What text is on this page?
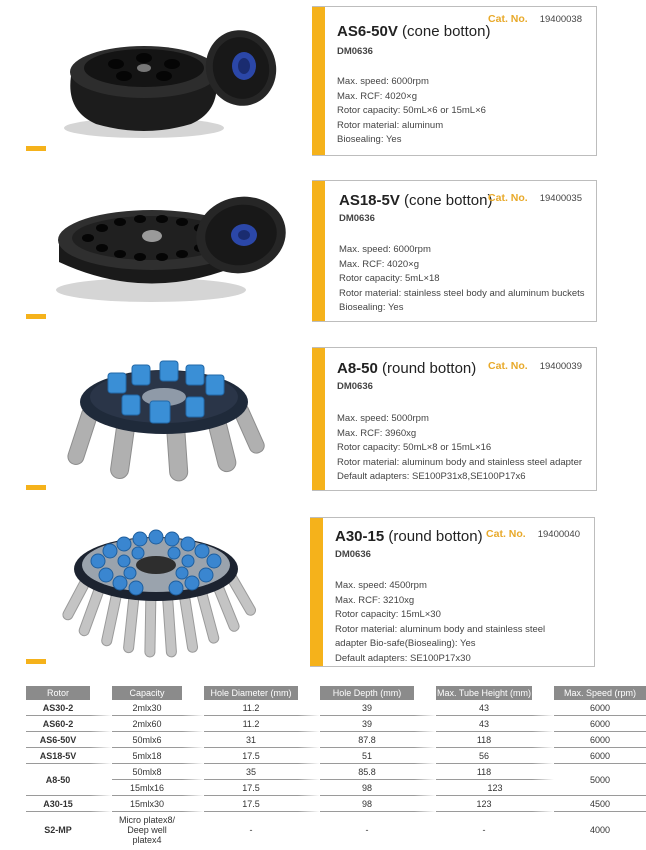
AS6-50V (cone botton)
Cat. No. 19400038
DM0636
Max. speed: 6000rpm
Max. RCF: 4020×g
Rotor capacity: 50mL×6 or 15mL×6
Rotor material: aluminum
Biosealing: Yes
AS18-5V (cone botton)
Cat. No. 19400035
DM0636
Max. speed: 6000rpm
Max. RCF: 4020×g
Rotor capacity: 5mL×18
Rotor material: stainless steel body and aluminum buckets
Biosealing: Yes
A8-50 (round botton) Cat. No. 19400039
DM0636
Max. speed: 5000rpm
Max. RCF: 3960xg
Rotor capacity: 50mL×8 or 15mL×16
Rotor material: aluminum body and stainless steel adapter
Default adapters: SE100P31x8,SE100P17x6
A30-15 (round botton) Cat. No. 19400040
DM0636
Max. speed: 4500rpm
Max. RCF: 3210xg
Rotor capacity: 15mL×30
Rotor material: aluminum body and stainless steel
adapter Bio-safe(Biosealing): Yes
Default adapters: SE100P17x30
Rotor	Capacity	Hole Diameter (mm)	Hole Depth (mm)	Max. Tube Height (mm)	Max. Speed (rpm)
AS30-2	2mlx30	11.2	39	43	6000
AS60-2	2mlx60	11.2	39	43	6000
AS6-50V	50mlx6	31	87.8	118	6000
AS18-5V	5mlx18	17.5	51	56	6000
A8-50	50mlx8	35	85.8	118	5000
	15mlx16	17.5	98	123	
A30-15	15mlx30	17.5	98	123	4500
S2-MP	Micro platex8/ Deep well platex4	-	-	-	4000
